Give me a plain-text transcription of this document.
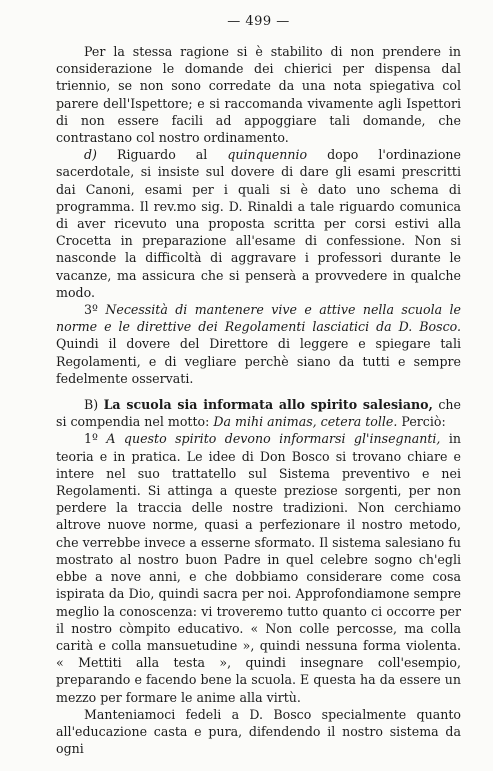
— 499 —

Per la stessa ragione si è stabilito di non prendere in considerazione le domande dei chierici per dispensa dal triennio, se non sono corredate da una nota spiegativa col parere dell'Ispettore; e si raccomanda vivamente agli Ispettori di non essere facili ad appoggiare tali domande, che contrastano col nostro ordinamento.

d) Riguardo al quinquennio dopo l'ordinazione sacerdotale, si insiste sul dovere di dare gli esami prescritti dai Canoni, esami per i quali si è dato uno schema di programma. Il rev.mo sig. D. Rinaldi a tale riguardo comunica di aver ricevuto una proposta scritta per corsi estivi alla Crocetta in preparazione all'esame di confessione. Non si nasconde la difficoltà di aggravare i professori durante le vacanze, ma assicura che si penserà a provvedere in qualche modo.

3º Necessità di mantenere vive e attive nella scuola le norme e le direttive dei Regolamenti lasciatici da D. Bosco. Quindi il dovere del Direttore di leggere e spiegare tali Regolamenti, e di vegliare perchè siano da tutti e sempre fedelmente osservati.

B) La scuola sia informata allo spirito salesiano, che si compendia nel motto: Da mihi animas, cetera tolle. Perciò:

1º A questo spirito devono informarsi gl'insegnanti, in teoria e in pratica. Le idee di Don Bosco si trovano chiare e intere nel suo trattatello sul Sistema preventivo e nei Regolamenti. Si attinga a queste preziose sorgenti, per non perdere la traccia delle nostre tradizioni. Non cerchiamo altrove nuove norme, quasi a perfezionare il nostro metodo, che verrebbe invece a esserne sformato. Il sistema salesiano fu mostrato al nostro buon Padre in quel celebre sogno ch'egli ebbe a nove anni, e che dobbiamo considerare come cosa ispirata da Dio, quindi sacra per noi. Approfondiamone sempre meglio la conoscenza: vi troveremo tutto quanto ci occorre per il nostro còmpito educativo. « Non colle percosse, ma colla carità e colla mansuetudine », quindi nessuna forma violenta. « Mettiti alla testa », quindi insegnare coll'esempio, preparando e facendo bene la scuola. E questa ha da essere un mezzo per formare le anime alla virtù.

Manteniamoci fedeli a D. Bosco specialmente quanto all'educazione casta e pura, difendendo il nostro sistema da ogni
